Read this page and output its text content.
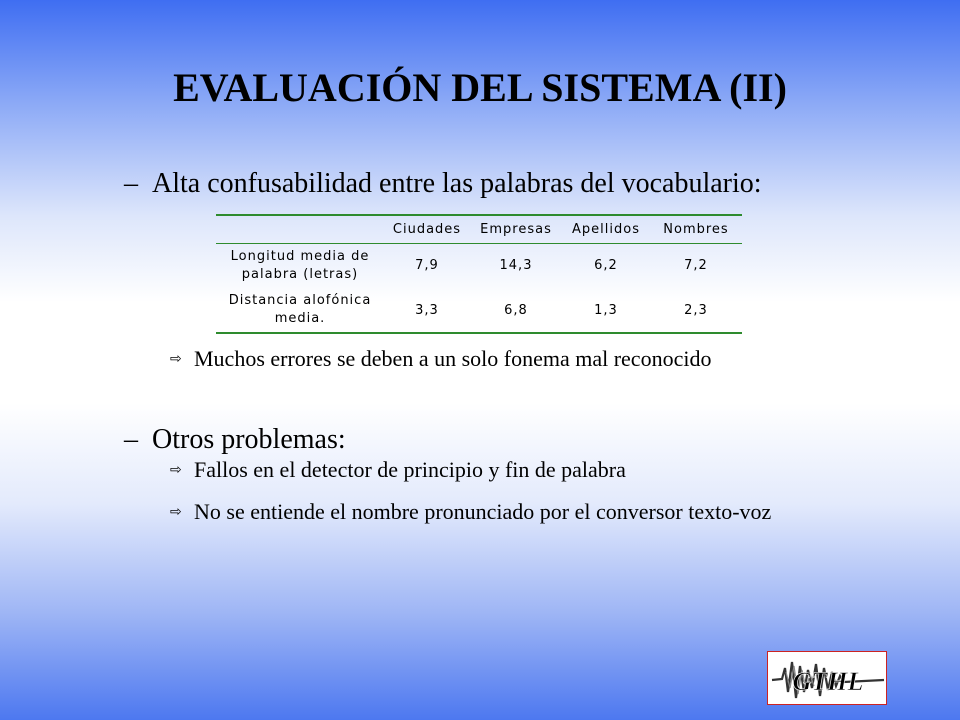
EVALUACIÓN DEL SISTEMA (II)
– Alta confusabilidad entre las palabras del vocabulario:
	Ciudades	Empresas	Apellidos	Nombres
Longitud media de
palabra (letras)	7,9	14,3	6,2	7,2
Distancia alofónica
media.	3,3	6,8	1,3	2,3
⇨ Muchos errores se deben a un solo fonema mal reconocido
– Otros problemas:
⇨ Fallos en el detector de principio y fin de palabra
⇨ No se entiende el nombre pronunciado por el conversor texto-voz
GTHL
